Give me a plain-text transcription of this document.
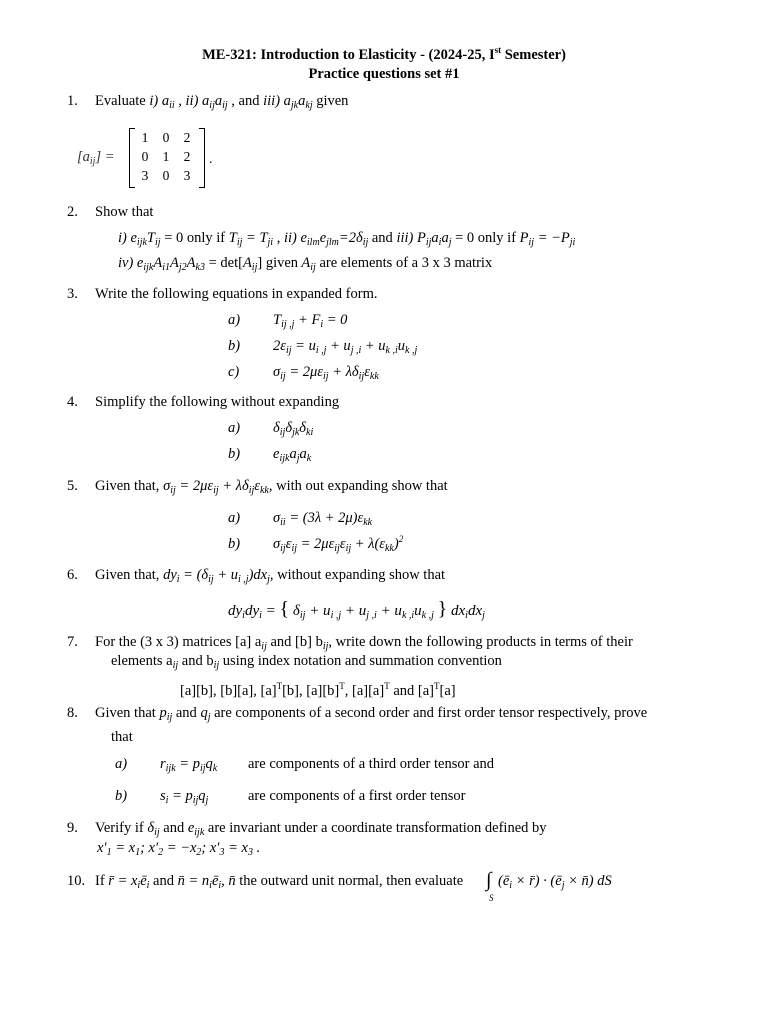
ME-321: Introduction to Elasticity - (2024-25, Ist Semester)
Practice questions set #1
1. Evaluate i) $a_{ii}$ , ii) $a_{ij}a_{ij}$ , and iii) $a_{jk}a_{kj}$ given
$[a_{ij}]$ =
1	0	2
0	1	2
3	0	3
.
2. Show that
i) $e_{ijk}T_{ij} = 0$ only if $T_{ij} = T_{ji}$ , ii) $e_{ilm}e_{jlm}=2\delta_{ij}$ and iii) $P_{ij}a_ia_j = 0$ only if $P_{ij} = -P_{ji}$
iv) $e_{ijk}A_{i1}A_{j2}A_{k3} = \det[A_{ij}]$ given $A_{ij}$ are elements of a 3 x 3 matrix
3. Write the following equations in expanded form.
a) $T_{ij ,j} + F_i = 0$
b) $2\varepsilon_{ij} = u_{i ,j} + u_{j ,i} + u_{k ,i}u_{k ,j}$
c) $\sigma_{ij} = 2\mu\varepsilon_{ij} + \lambda\delta_{ij}\varepsilon_{kk}$
4. Simplify the following without expanding
a) $\delta_{ij}\delta_{jk}\delta_{ki}$
b) $e_{ijk}a_ja_k$
5. Given that, $\sigma_{ij} = 2\mu\varepsilon_{ij} + \lambda\delta_{ij}\varepsilon_{kk}$, with out expanding show that
a) $\sigma_{ii} = (3\lambda + 2\mu)\varepsilon_{kk}$
b) $\sigma_{ij}\varepsilon_{ij} = 2\mu\varepsilon_{ij}\varepsilon_{ij} + \lambda(\varepsilon_{kk})^2$
6. Given that, $dy_i = (\delta_{ij} + u_{i ,j})dx_j$, without expanding show that
$dy_idy_i$ = { $\delta_{ij} + u_{i ,j} + u_{j ,i} + u_{k ,i}u_{k ,j}$ } $dx_idx_j$
7. For the (3 x 3) matrices [a] $a_{ij}$ and [b] $b_{ij}$, write down the following products in terms of their
elements $a_{ij}$ and $b_{ij}$ using index notation and summation convention
[a][b], [b][a], $[a]^T[b]$, $[a][b]^T$, $[a][a]^T$ and $[a]^T[a]$
8. Given that $p_{ij}$ and $q_j$ are components of a second order and first order tensor respectively, prove
that
a) $r_{ijk} = p_{ij}q_k$ are components of a third order tensor and
b) $s_i = p_{ij}q_j$	are components of a first order tensor
9. Verify if $\delta_{ij}$ and $e_{ijk}$ are invariant under a coordinate transformation defined by
$x'_1 = x_1$; $x'_2 = -x_2$; $x'_3 = x_3$ .
10. If r̄ = $x_iē_i$ and n̄ = $n_iē_i$, n̄ the outward unit normal, then evaluate ∫
S
($ē_i$ × r̄) · ($ē_j$ × n̄) dS
